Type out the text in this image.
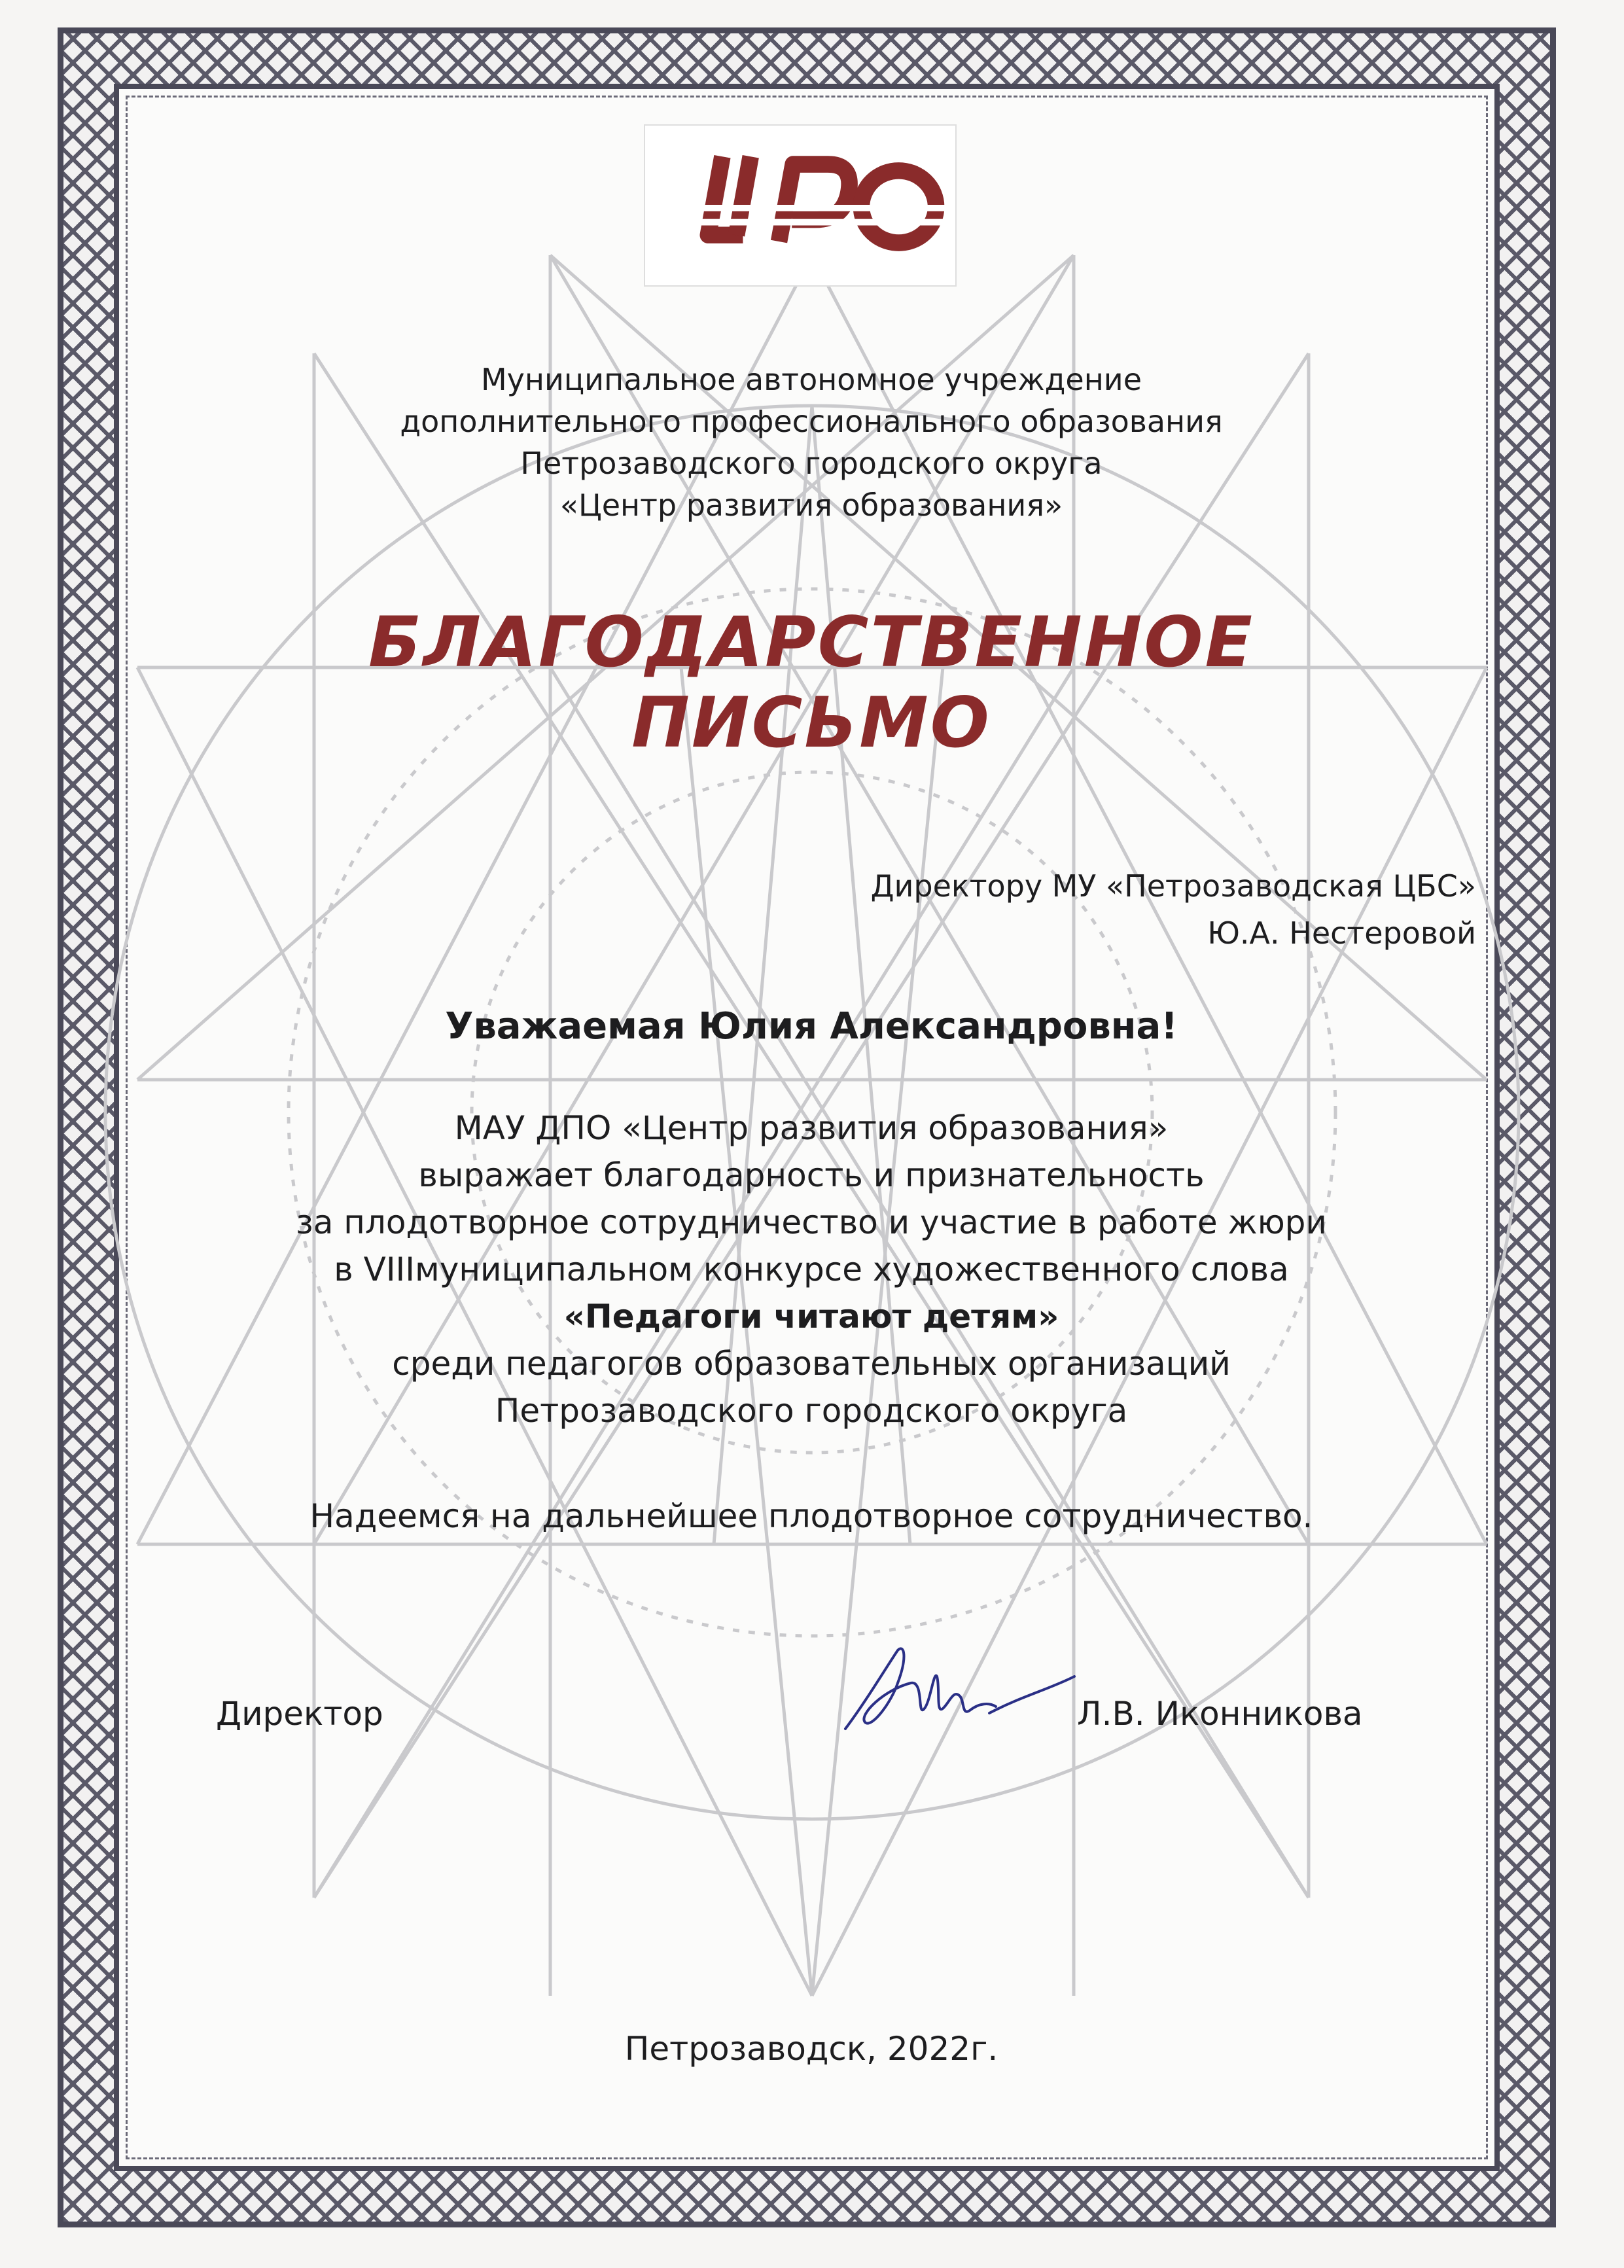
Муниципальное автономное учреждение
дополнительного профессионального образования
Петрозаводского городского округа
«Центр развития образования»
БЛАГОДАРСТВЕННОЕ ПИСЬМО
Директору МУ «Петрозаводская ЦБС»
Ю.А. Нестеровой
Уважаемая Юлия Александровна!
МАУ ДПО «Центр развития образования»
выражает благодарность и признательность
за плодотворное сотрудничество и участие в работе жюри
в VIIIмуниципальном конкурсе художественного слова
«Педагоги читают детям»
среди педагогов образовательных организаций
Петрозаводского городского округа
Надеемся на дальнейшее плодотворное сотрудничество.
Директор	Л.В. Иконникова
Петрозаводск, 2022г.
